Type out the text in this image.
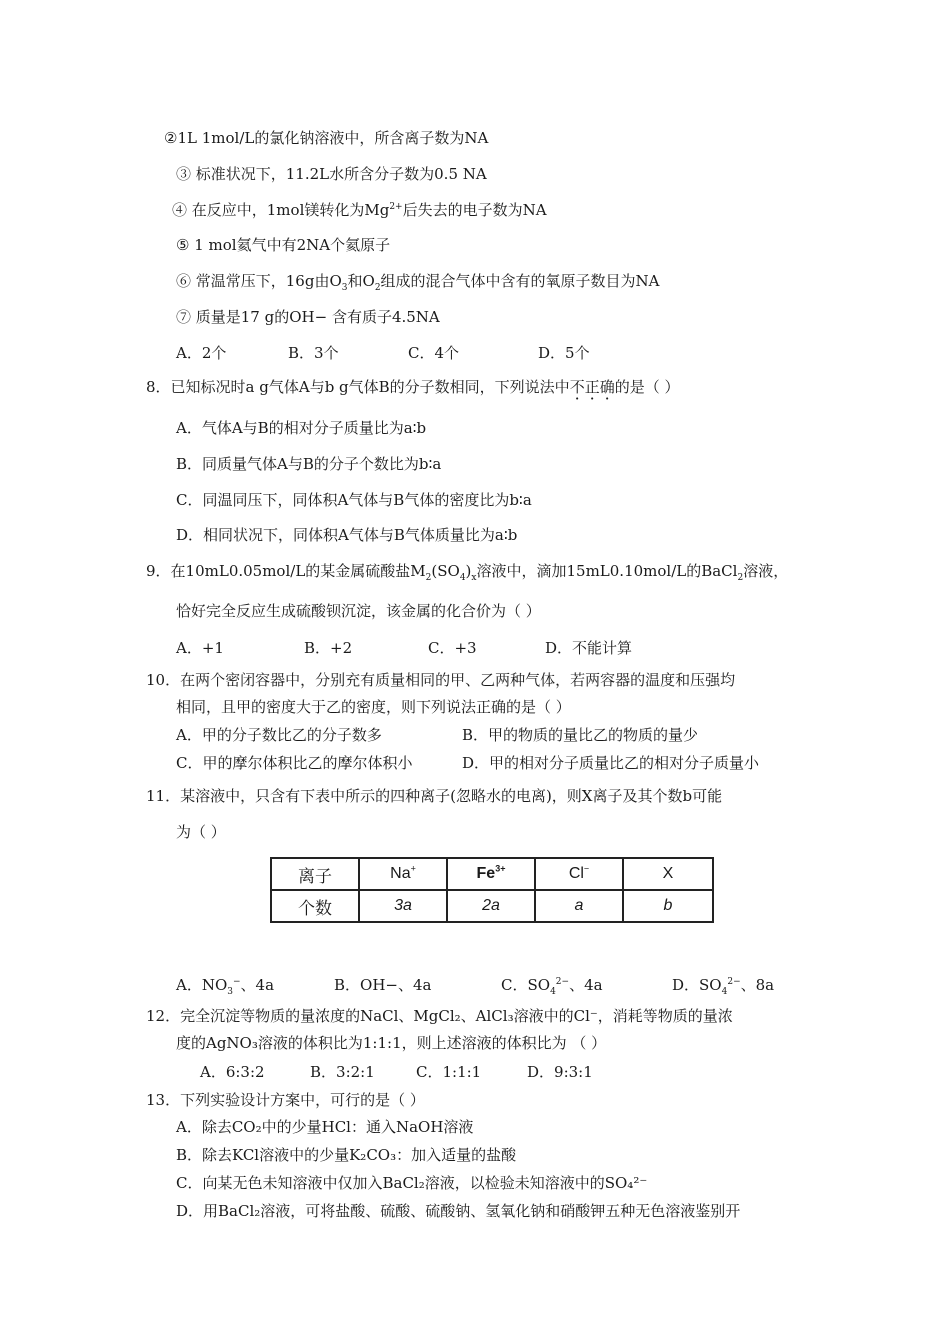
②1L 1mol/L的氯化钠溶液中，所含离子数为NA
③ 标准状况下，11.2L水所含分子数为0.5 NA
④ 在反应中，1mol镁转化为$Mg^{2+}$后失去的电子数为NA
⑤ 1 mol氦气中有2NA个氦原子
⑥ 常温常压下，16g由$O_3$和$O_2$组成的混合气体中含有的氧原子数目为NA
⑦ 质量是17 g的OH− 含有质子4.5NA
A．2个	B．3个	C．4个	D．5个
8．已知标况时a g气体A与b g气体B的分子数相同，下列说法中不正确的是（ ）
A．气体A与B的相对分子质量比为a∶b
B．同质量气体A与B的分子个数比为b∶a
C．同温同压下，同体积A气体与B气体的密度比为b∶a
D．相同状况下，同体积A气体与B气体质量比为a∶b
9．在10mL0.05mol/L的某金属硫酸盐$M_2(SO_4)_x$溶液中，滴加15mL0.10mol/L的BaCl$_2$溶液，
恰好完全反应生成硫酸钡沉淀，该金属的化合价为（ ）
A．+1	B．+2	C．+3	D．不能计算
10．在两个密闭容器中，分别充有质量相同的甲、乙两种气体，若两容器的温度和压强均
相同，且甲的密度大于乙的密度，则下列说法正确的是（ ）
A．甲的分子数比乙的分子数多	B．甲的物质的量比乙的物质的量少
C．甲的摩尔体积比乙的摩尔体积小	D．甲的相对分子质量比乙的相对分子质量小
11．某溶液中，只含有下表中所示的四种离子(忽略水的电离)，则X离子及其个数b可能
为（ ）
离子	Na+	$Fe^{3+}$	Cl−	X
个数	3a	2a	a	b
A．$NO_3^-$、4a	B．OH−、4a	C．$SO_4^{2-}$、4a	D．$SO_4^{2-}$、8a
12．完全沉淀等物质的量浓度的NaCl、MgCl₂、AlCl₃溶液中的Cl⁻，消耗等物质的量浓
度的AgNO₃溶液的体积比为1:1:1，则上述溶液的体积比为 （ ）
A．6:3:2	B．3:2:1	C．1:1:1	D．9:3:1
13．下列实验设计方案中，可行的是（ ）
A．除去CO₂中的少量HCl：通入NaOH溶液
B．除去KCl溶液中的少量K₂CO₃：加入适量的盐酸
C．向某无色未知溶液中仅加入BaCl₂溶液，以检验未知溶液中的SO₄²⁻
D．用BaCl₂溶液，可将盐酸、硫酸、硫酸钠、氢氧化钠和硝酸钾五种无色溶液鉴别开
